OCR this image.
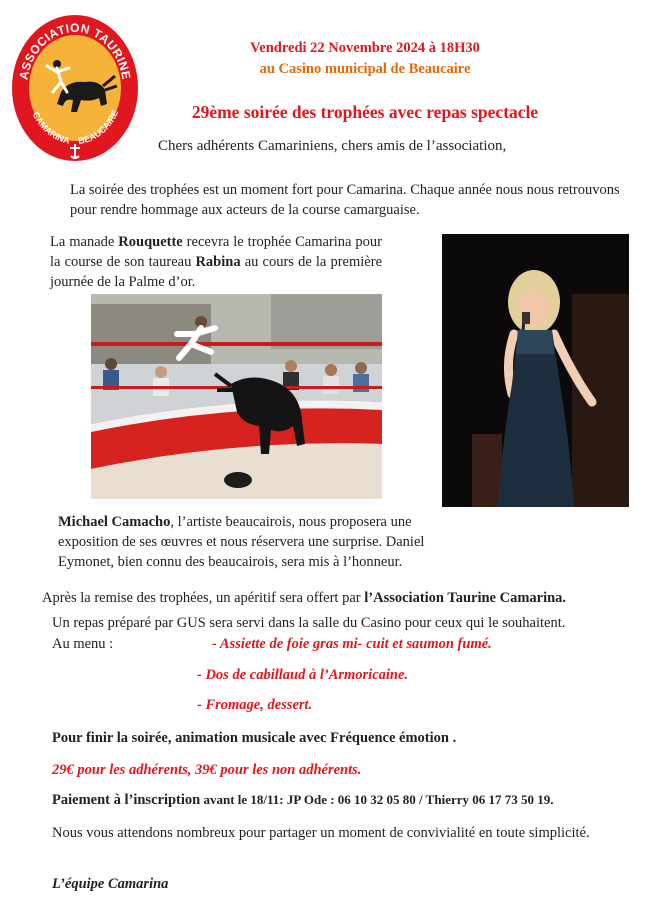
ASSOCIATION TAURINE
CAMARINA BEAUCAIRE
Vendredi 22 Novembre 2024 à 18H30
au Casino municipal de Beaucaire
29ème soirée des trophées avec repas spectacle
Chers adhérents Camariniens, chers amis de l’association,
La soirée des trophées est un moment fort pour Camarina. Chaque année nous nous retrouvons pour rendre hommage aux acteurs de la course camarguaise.
La manade Rouquette recevra le trophée Camarina pour la course de son taureau Rabina au cours de la première journée de la Palme d’or.
Michael Camacho, l’artiste beaucairois, nous proposera une exposition de ses œuvres et nous réservera une surprise. Daniel Eymonet, bien connu des beaucairois, sera mis à l’honneur.
Après la remise des trophées, un apéritif sera offert par l’Association Taurine Camarina.
Un repas préparé par GUS sera servi dans la salle du Casino pour ceux qui le souhaitent.
Au menu :	- Assiette de foie gras mi- cuit et saumon fumé.
- Dos de cabillaud à l’Armoricaine.
- Fromage, dessert.
Pour finir la soirée, animation musicale avec Fréquence émotion .
29€ pour les adhérents, 39€ pour les non adhérents.
Paiement à l’inscription avant le 18/11: JP Ode : 06 10 32 05 80 / Thierry 06 17 73 50 19.
Nous vous attendons nombreux pour partager un moment de convivialité en toute simplicité.
L’équipe Camarina
